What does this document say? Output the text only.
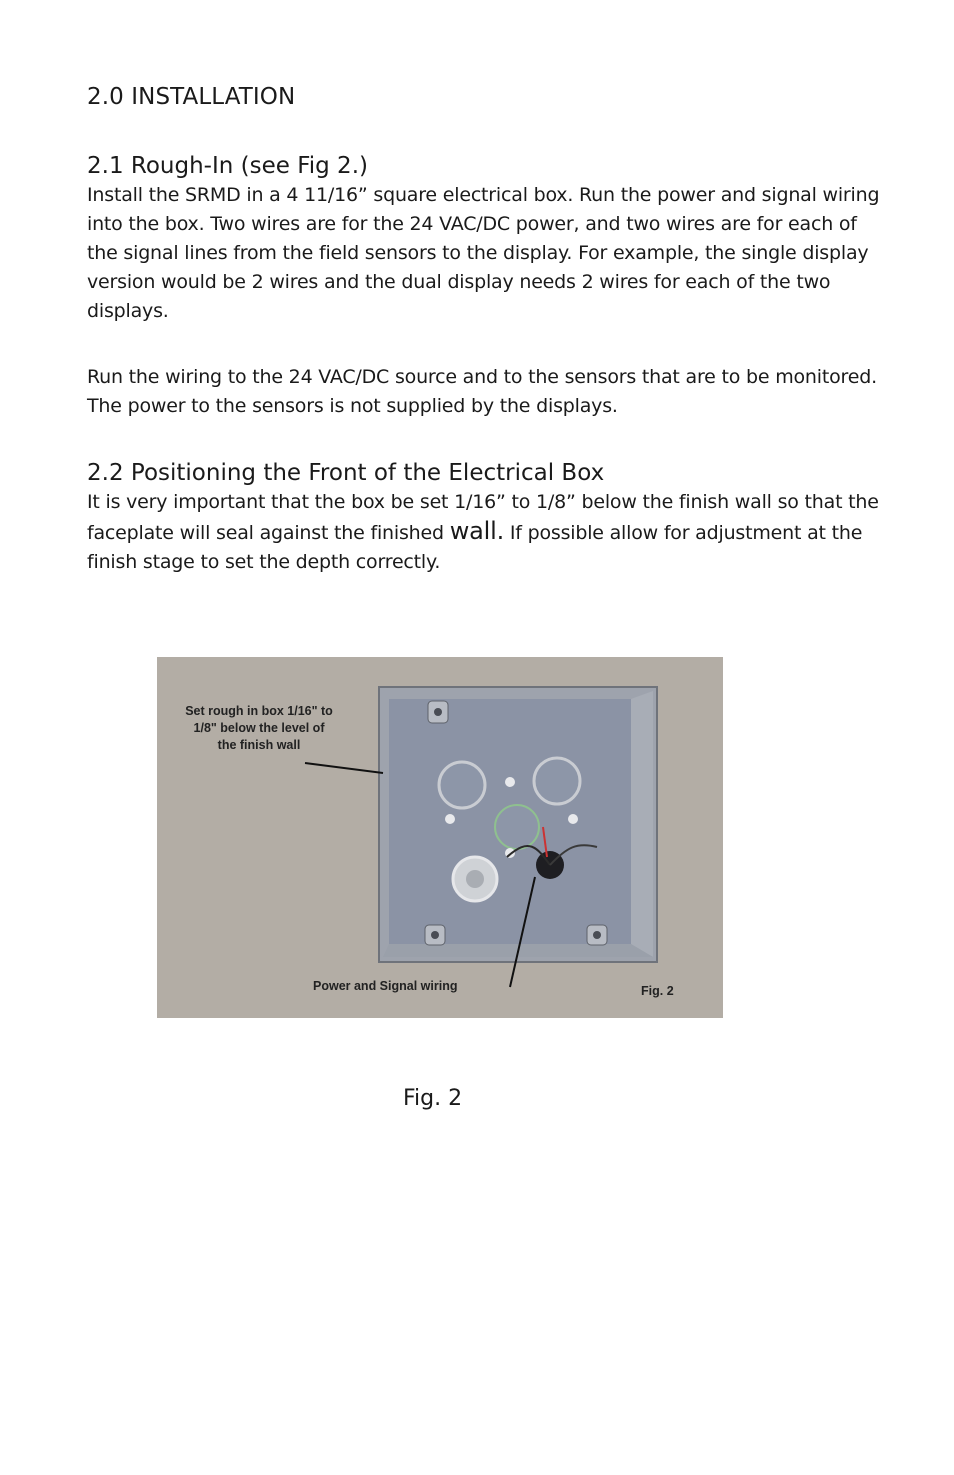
2.0 INSTALLATION

2.1 Rough-In (see Fig 2.)

Install the SRMD in a 4 11/16” square electrical box. Run the power and signal wiring into the box. Two wires are for the 24 VAC/DC power, and two wires are for each of the signal lines from the field sensors to the display. For example, the single display version would be 2 wires and the dual display needs 2 wires for each of the two displays.

Run the wiring to the 24 VAC/DC source and to the sensors that are to be monitored. The power to the sensors is not supplied by the displays.

2.2 Positioning the Front of the Electrical Box

It is very important that the box be set 1/16” to 1/8” below the finish wall so that the faceplate will seal against the finished wall. If possible allow for adjustment at the finish stage to set the depth correctly.

Set rough in box 1/16" to
1/8" below the level of
the finish wall
Power and Signal wiring	Fig. 2
Fig. 2
